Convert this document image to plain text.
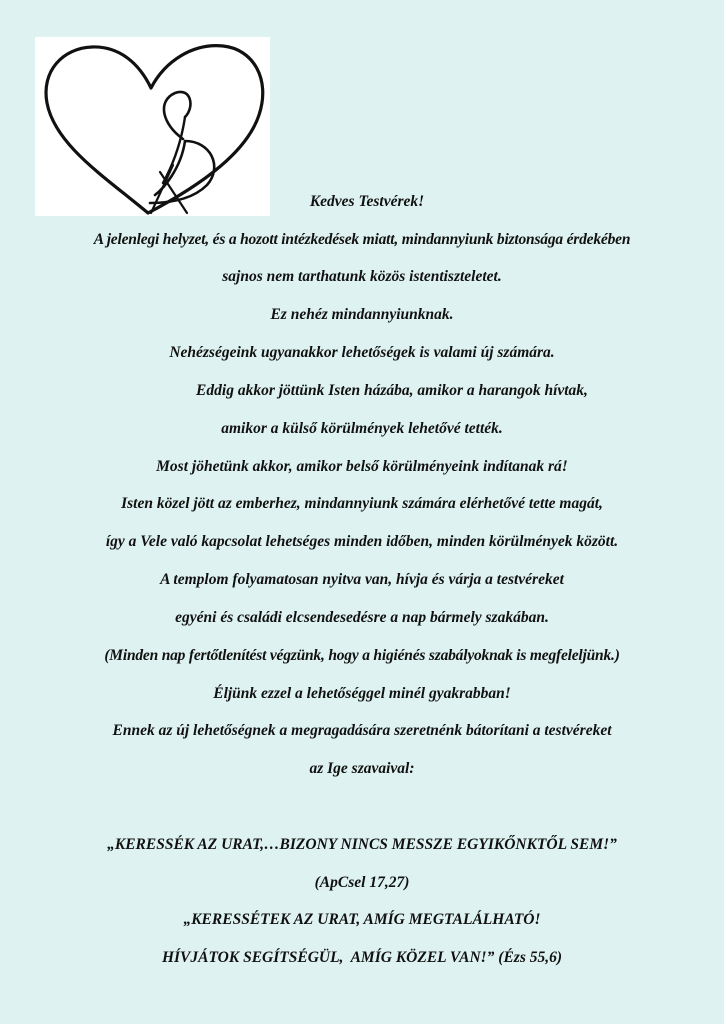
Kedves Testvérek!
A jelenlegi helyzet, és a hozott intézkedések miatt, mindannyiunk biztonsága érdekében
sajnos nem tarthatunk közös istentiszteletet.
Ez nehéz mindannyiunknak.
Nehézségeink ugyanakkor lehetőségek is valami új számára.
Eddig akkor jöttünk Isten házába, amikor a harangok hívtak,
amikor a külső körülmények lehetővé tették.
Most jöhetünk akkor, amikor belső körülményeink indítanak rá!
Isten közel jött az emberhez, mindannyiunk számára elérhetővé tette magát,
így a Vele való kapcsolat lehetséges minden időben, minden körülmények között.
A templom folyamatosan nyitva van, hívja és várja a testvéreket
egyéni és családi elcsendesedésre a nap bármely szakában.
(Minden nap fertőtlenítést végzünk, hogy a higiénés szabályoknak is megfeleljünk.)
Éljünk ezzel a lehetőséggel minél gyakrabban!
Ennek az új lehetőségnek a megragadására szeretnénk bátorítani a testvéreket
az Ige szavaival:
„KERESSÉK AZ URAT,…BIZONY NINCS MESSZE EGYIKŐNKTŐL SEM!”
(ApCsel 17,27)
„KERESSÉTEK AZ URAT, AMÍG MEGTALÁLHATÓ!
HÍVJÁTOK SEGÍTSÉGÜL,  AMÍG KÖZEL VAN!” (Ézs 55,6)
